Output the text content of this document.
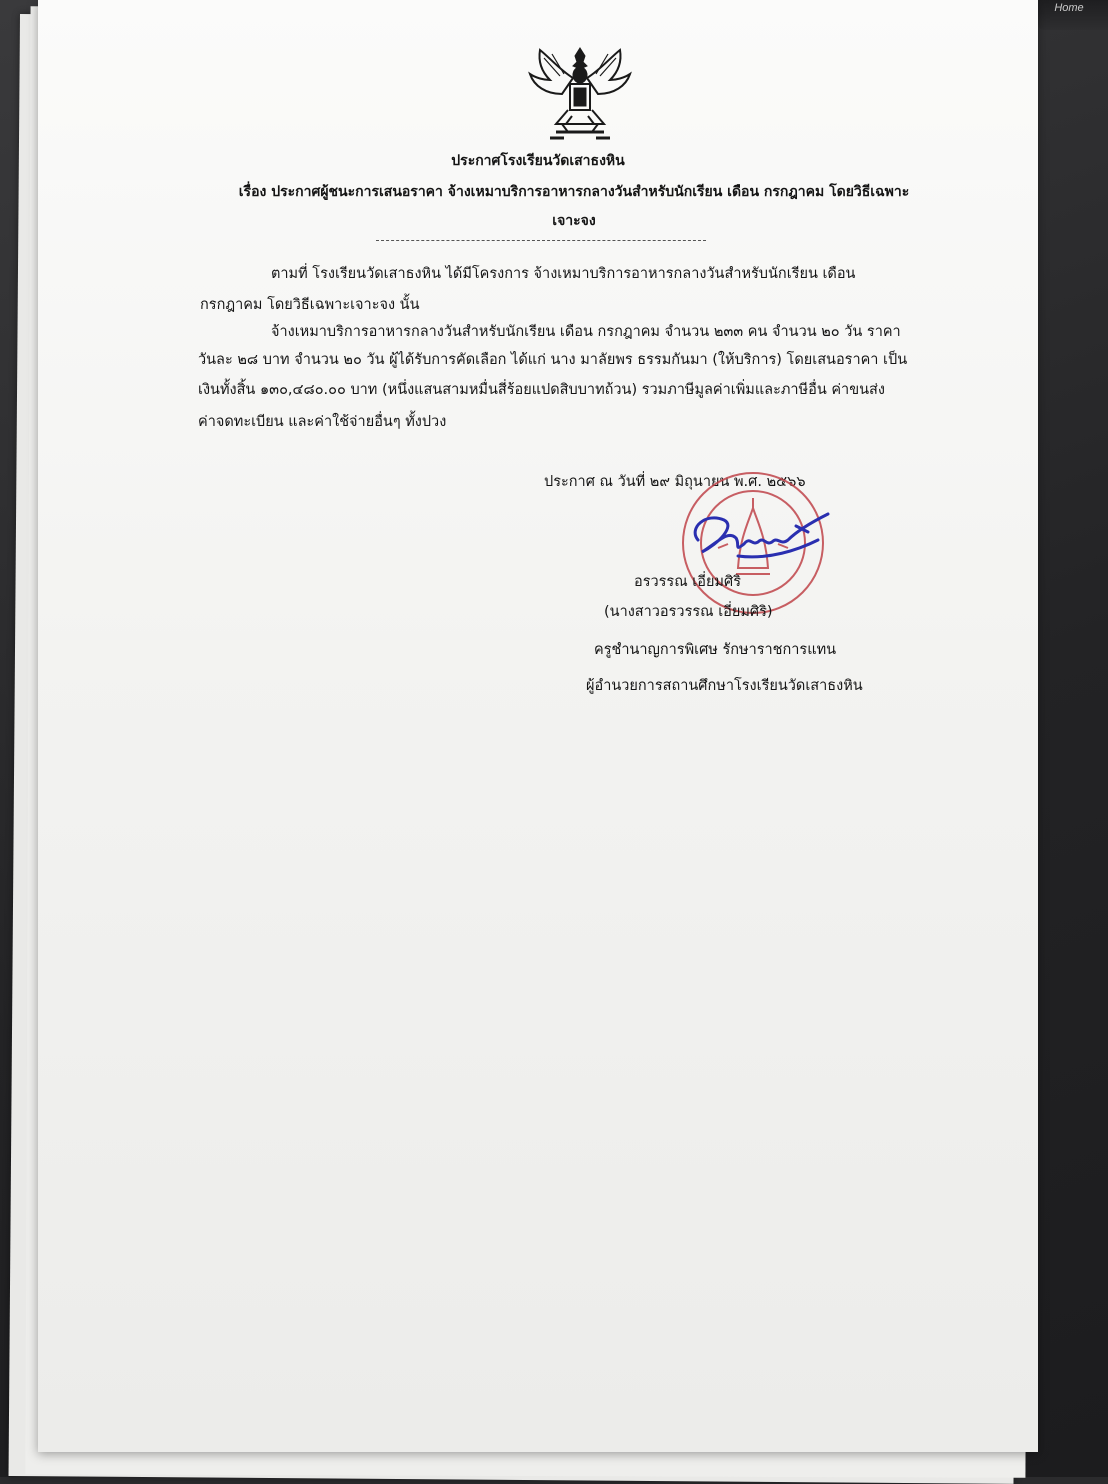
Home
ประกาศโรงเรียนวัดเสาธงหิน
เรื่อง ประกาศผู้ชนะการเสนอราคา จ้างเหมาบริการอาหารกลางวันสำหรับนักเรียน เดือน กรกฎาคม โดยวิธีเฉพาะเจาะจง
ตามที่ โรงเรียนวัดเสาธงหิน ได้มีโครงการ จ้างเหมาบริการอาหารกลางวันสำหรับนักเรียน เดือน
กรกฎาคม โดยวิธีเฉพาะเจาะจง นั้น
จ้างเหมาบริการอาหารกลางวันสำหรับนักเรียน เดือน กรกฎาคม จำนวน ๒๓๓ คน จำนวน ๒๐ วัน ราคา
วันละ ๒๘ บาท จำนวน ๒๐ วัน ผู้ได้รับการคัดเลือก ได้แก่ นาง มาลัยพร ธรรมกันมา (ให้บริการ) โดยเสนอราคา เป็น
เงินทั้งสิ้น ๑๓๐,๔๘๐.๐๐ บาท (หนึ่งแสนสามหมื่นสี่ร้อยแปดสิบบาทถ้วน) รวมภาษีมูลค่าเพิ่มและภาษีอื่น ค่าขนส่ง
ค่าจดทะเบียน และค่าใช้จ่ายอื่นๆ ทั้งปวง
ประกาศ ณ วันที่ ๒๙ มิถุนายน พ.ศ. ๒๕๖๖
อรวรรณ เอี่ยมศิริ
(นางสาวอรวรรณ เอี่ยมศิริ)
ครูชำนาญการพิเศษ รักษาราชการแทน
ผู้อำนวยการสถานศึกษาโรงเรียนวัดเสาธงหิน
